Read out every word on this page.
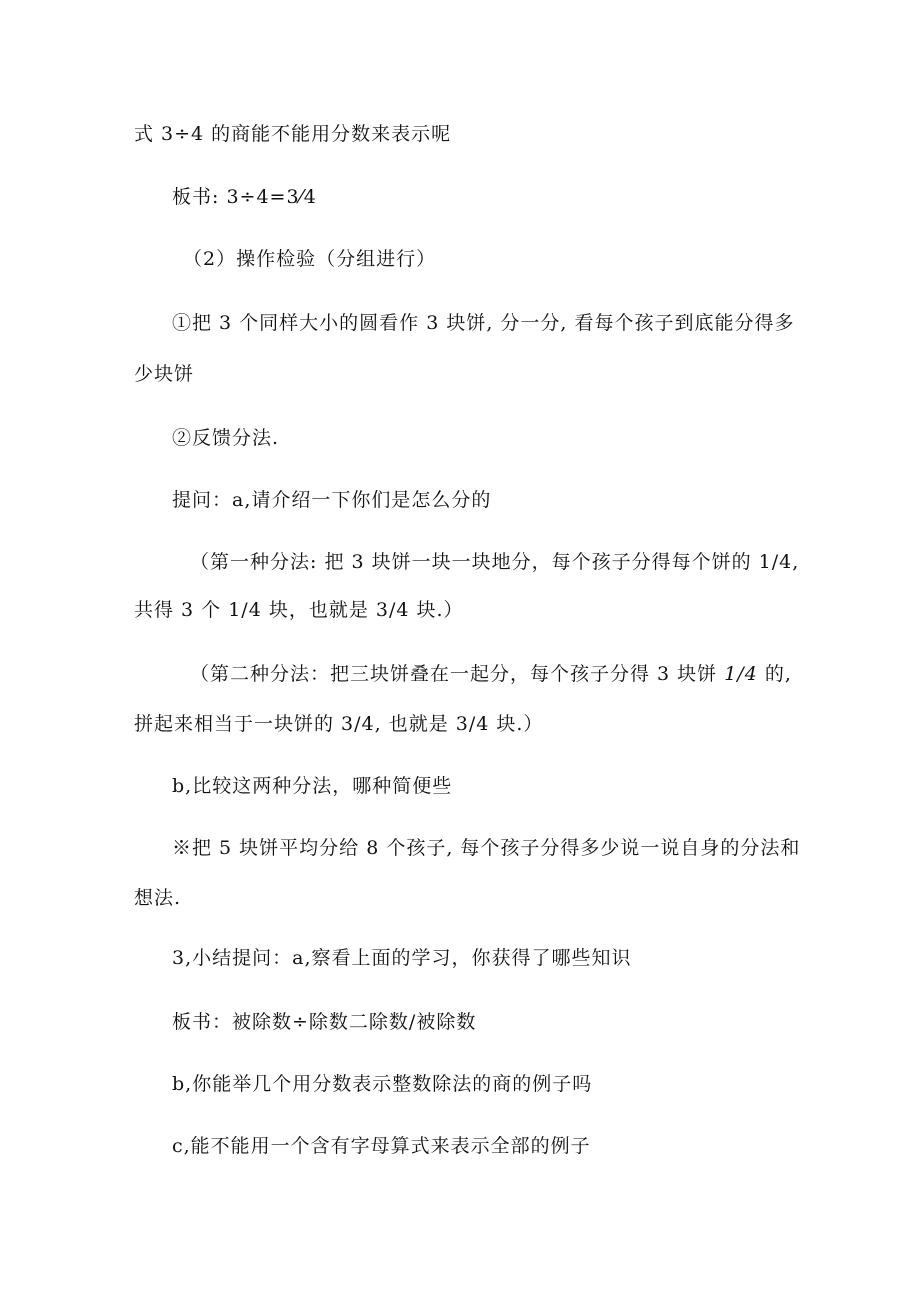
式 3÷4 的商能不能用分数来表示呢
板书: 3÷4=3⁄4
（2）操作检验（分组进行）
①把 3 个同样大小的圆看作 3 块饼, 分一分, 看每个孩子到底能分得多
少块饼
②反馈分法.
提问：a,请介绍一下你们是怎么分的
（第一种分法: 把 3 块饼一块一块地分，每个孩子分得每个饼的 1/4,
共得 3 个 1/4 块，也就是 3/4 块.）
（第二种分法：把三块饼叠在一起分，每个孩子分得 3 块饼 1/4 的,
拼起来相当于一块饼的 3/4, 也就是 3/4 块.）
b,比较这两种分法，哪种简便些
※把 5 块饼平均分给 8 个孩子, 每个孩子分得多少说一说自身的分法和
想法.
3,小结提问：a,察看上面的学习，你获得了哪些知识
板书：被除数÷除数二除数/被除数
b,你能举几个用分数表示整数除法的商的例子吗
c,能不能用一个含有字母算式来表示全部的例子
